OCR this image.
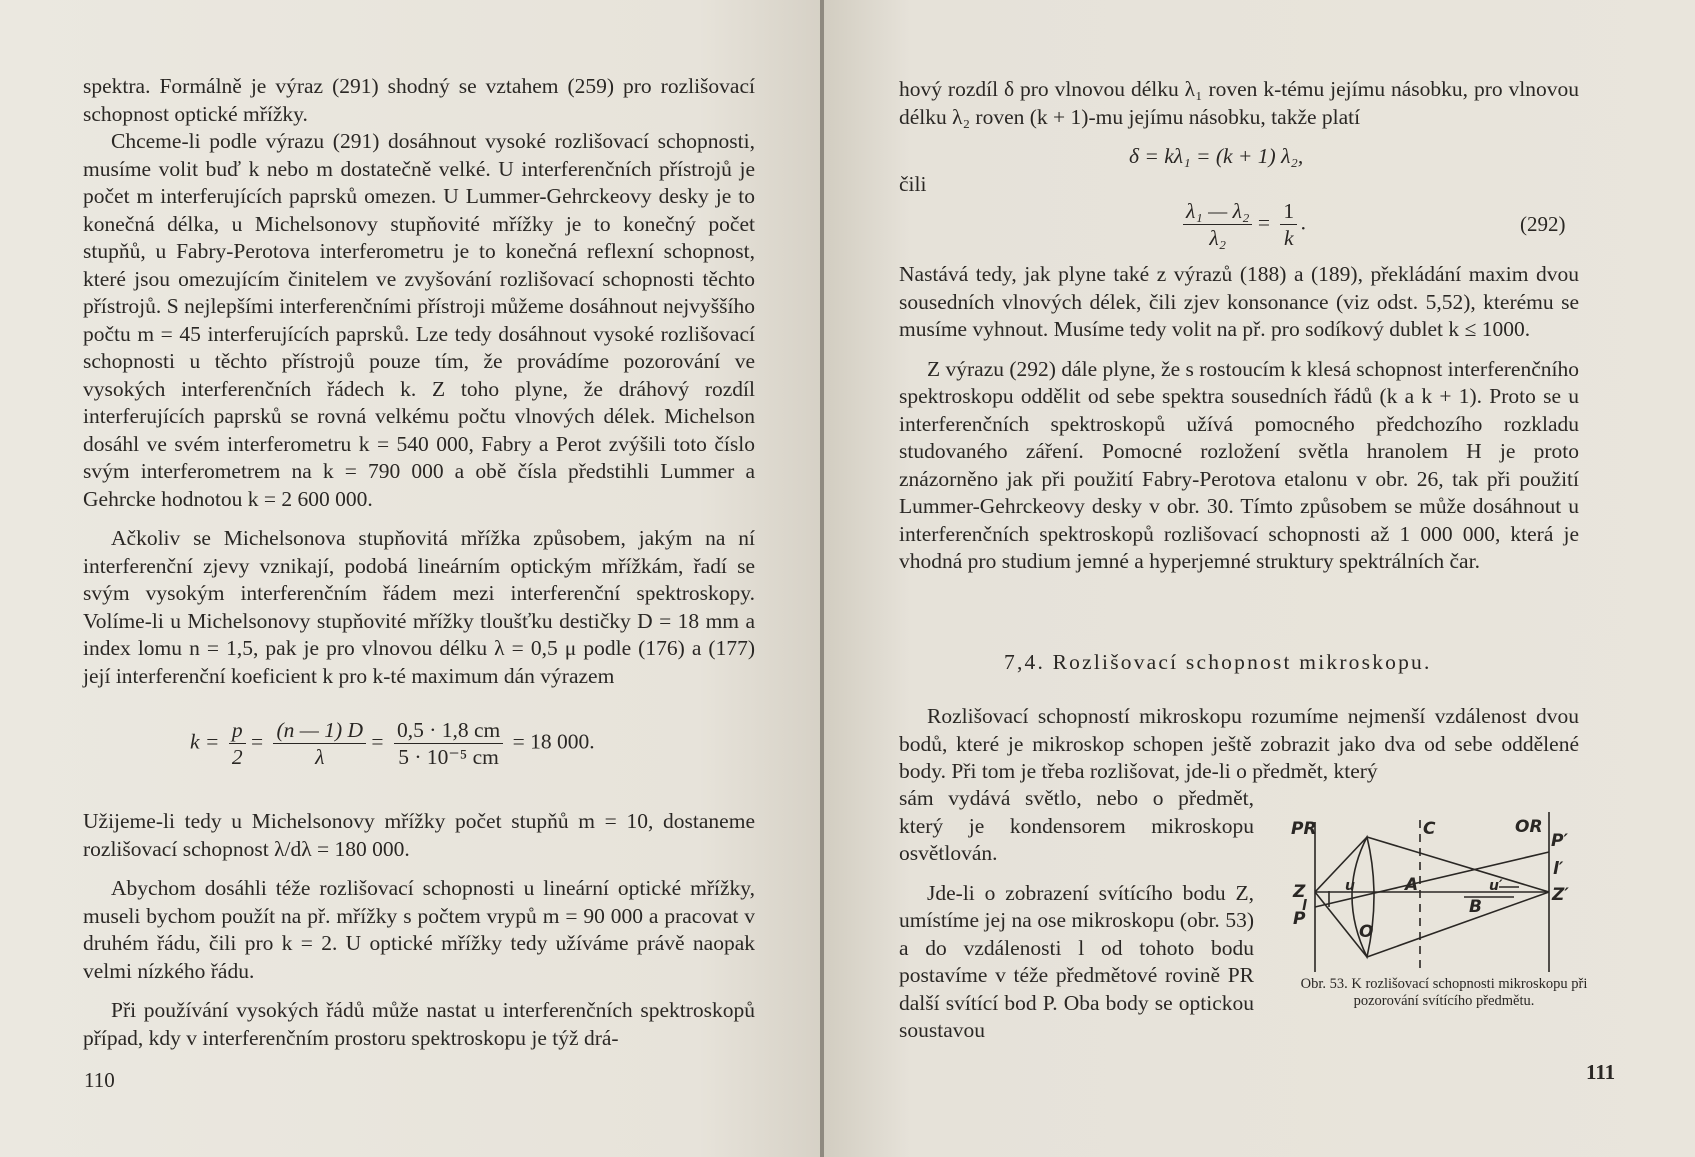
spektra. Formálně je výraz (291) shodný se vztahem (259) pro rozlišovací schopnost optické mřížky.

Chceme-li podle výrazu (291) dosáhnout vysoké rozlišovací schopnosti, musíme volit buď k nebo m dostatečně velké. U interferenčních přístrojů je počet m interferujících paprsků omezen. U Lummer-Gehrckeovy desky je to konečná délka, u Michelsonovy stupňovité mřížky je to konečný počet stupňů, u Fabry-Perotova interferometru je to konečná reflexní schopnost, které jsou omezujícím činitelem ve zvyšování rozlišovací schopnosti těchto přístrojů. S nejlepšími interferenčními přístroji můžeme dosáhnout nejvyššího počtu m = 45 interferujících paprsků. Lze tedy dosáhnout vysoké rozlišovací schopnosti u těchto přístrojů pouze tím, že provádíme pozorování ve vysokých interferenčních řádech k. Z toho plyne, že dráhový rozdíl interferujících paprsků se rovná velkému počtu vlnových délek. Michelson dosáhl ve svém interferometru k = 540 000, Fabry a Perot zvýšili toto číslo svým interferometrem na k = 790 000 a obě čísla předstihli Lummer a Gehrcke hodnotou k = 2 600 000.

Ačkoliv se Michelsonova stupňovitá mřížka způsobem, jakým na ní interferenční zjevy vznikají, podobá lineárním optickým mřížkám, řadí se svým vysokým interferenčním řádem mezi interferenční spektroskopy. Volíme-li u Michelsonovy stupňovité mřížky tloušťku destičky D = 18 mm a index lomu n = 1,5, pak je pro vlnovou délku λ = 0,5 μ podle (176) a (177) její interferenční koeficient k pro k-té maximum dán výrazem

$k = \frac{p}{2} = \frac{(n — 1) D}{\lambda} = \frac{0,5 \cdot 1,8 cm}{\text{5 · 10⁻⁵ cm}} = 18$ 000.

Užijeme-li tedy u Michelsonovy mřížky počet stupňů m = 10, dostaneme rozlišovací schopnost λ/dλ = 180 000.

Abychom dosáhli téže rozlišovací schopnosti u lineární optické mřížky, museli bychom použít na př. mřížky s počtem vrypů m = 90 000 a pracovat v druhém řádu, čili pro k = 2. U optické mřížky tedy užíváme právě naopak velmi nízkého řádu.

Při používání vysokých řádů může nastat u interferenčních spektroskopů případ, kdy v interferenčním prostoru spektroskopu je týž drá-

110

hový rozdíl δ pro vlnovou délku λ₁ roven k-tému jejímu násobku, pro vlnovou délku λ₂ roven (k + 1)-mu jejímu násobku, takže platí

δ = kλ₁ = (k + 1) λ₂,
čili
$\frac{\text{λ₁ — λ₂}}{\text{λ₂}} = \frac{1}{k}$ .	(292)

Nastává tedy, jak plyne také z výrazů (188) a (189), překládání maxim dvou sousedních vlnových délek, čili zjev konsonance (viz odst. 5,52), kterému se musíme vyhnout. Musíme tedy volit na př. pro sodíkový dublet k ≤ 1000.

Z výrazu (292) dále plyne, že s rostoucím k klesá schopnost interferenčního spektroskopu oddělit od sebe spektra sousedních řádů (k a k + 1). Proto se u interferenčních spektroskopů užívá pomocného předchozího rozkladu studovaného záření. Pomocné rozložení světla hranolem H je proto znázorněno jak při použití Fabry-Perotova etalonu v obr. 26, tak při použití Lummer-Gehrckeovy desky v obr. 30. Tímto způsobem se může dosáhnout u interferenčních spektroskopů rozlišovací schopnosti až 1 000 000, která je vhodná pro studium jemné a hyperjemné struktury spektrálních čar.

7,4. Rozlišovací schopnost mikroskopu.

Rozlišovací schopností mikroskopu rozumíme nejmenší vzdálenost dvou bodů, které je mikroskop schopen ještě zobrazit jako dva od sebe oddělené body. Při tom je třeba rozlišovat, jde-li o předmět, který

sám vydává světlo, nebo o předmět, který je kondensorem mikroskopu osvětlován.

Jde-li o zobrazení svítícího bodu Z, umístíme jej na ose mikroskopu (obr. 53) a do vzdálenosti l od tohoto bodu postavíme v téže předmětové rovině PR další svítící bod P. Oba body se optickou soustavou

PR	C	OR
P′
l′
Z′
Z
l
P
u	A	u′
B
O
Obr. 53. K rozlišovací schopnosti mikroskopu při pozorování svítícího předmětu.
111
